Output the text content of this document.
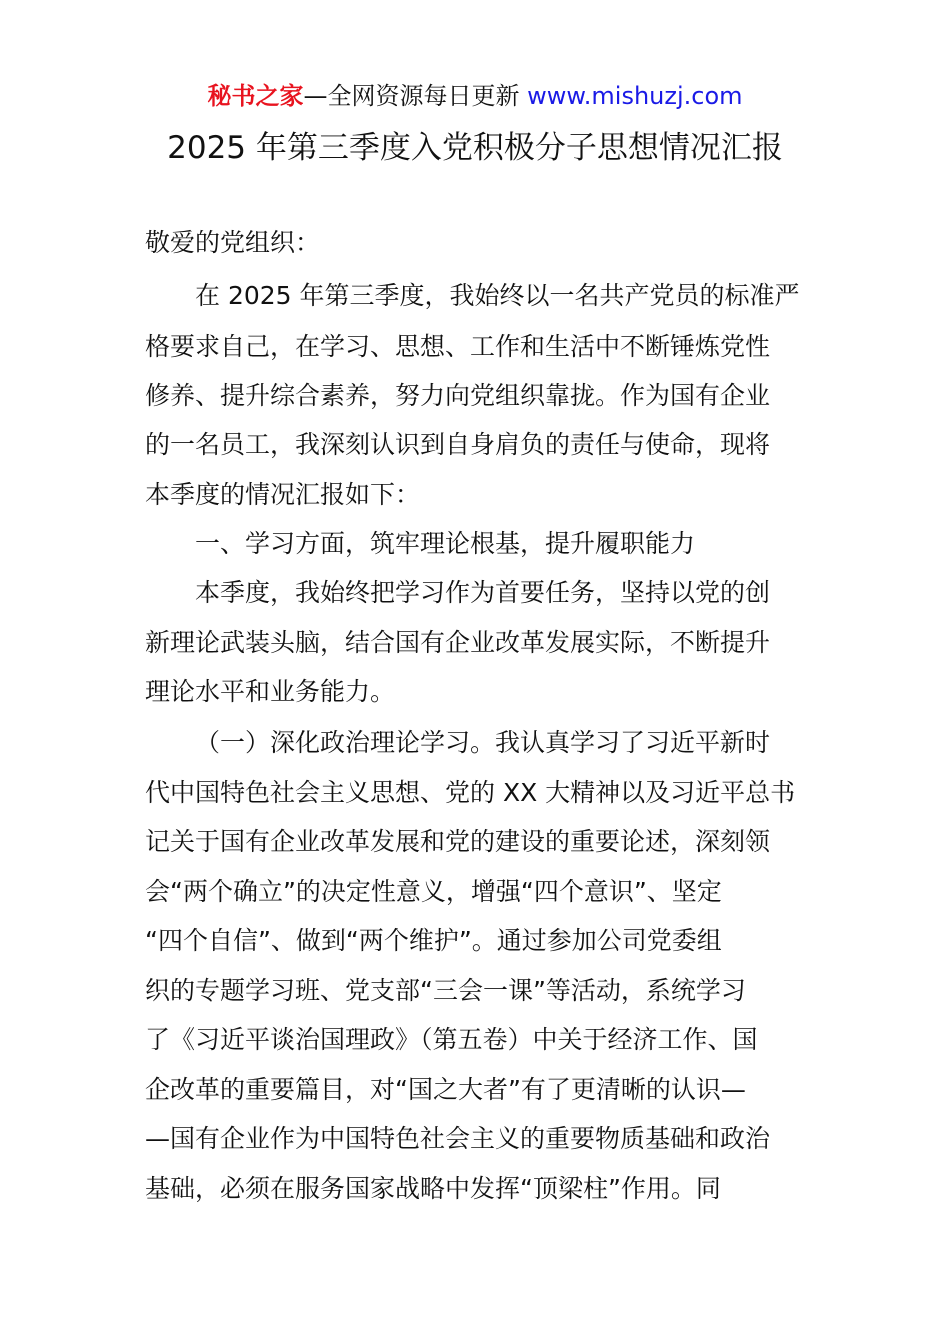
秘书之家—全网资源每日更新 www.mishuzj.com
2025 年第三季度入党积极分子思想情况汇报
敬爱的党组织：
在 2025 年第三季度，我始终以一名共产党员的标准严
格要求自己，在学习、思想、工作和生活中不断锤炼党性
修养、提升综合素养，努力向党组织靠拢。作为国有企业
的一名员工，我深刻认识到自身肩负的责任与使命，现将
本季度的情况汇报如下：
一、学习方面，筑牢理论根基，提升履职能力
本季度，我始终把学习作为首要任务，坚持以党的创
新理论武装头脑，结合国有企业改革发展实际，不断提升
理论水平和业务能力。
（一）深化政治理论学习。我认真学习了习近平新时
代中国特色社会主义思想、党的 XX 大精神以及习近平总书
记关于国有企业改革发展和党的建设的重要论述，深刻领
会“两个确立”的决定性意义，增强“四个意识”、坚定
“四个自信”、做到“两个维护”。通过参加公司党委组
织的专题学习班、党支部“三会一课”等活动，系统学习
了《习近平谈治国理政》（第五卷）中关于经济工作、国
企改革的重要篇目，对“国之大者”有了更清晰的认识—
—国有企业作为中国特色社会主义的重要物质基础和政治
基础，必须在服务国家战略中发挥“顶梁柱”作用。同
